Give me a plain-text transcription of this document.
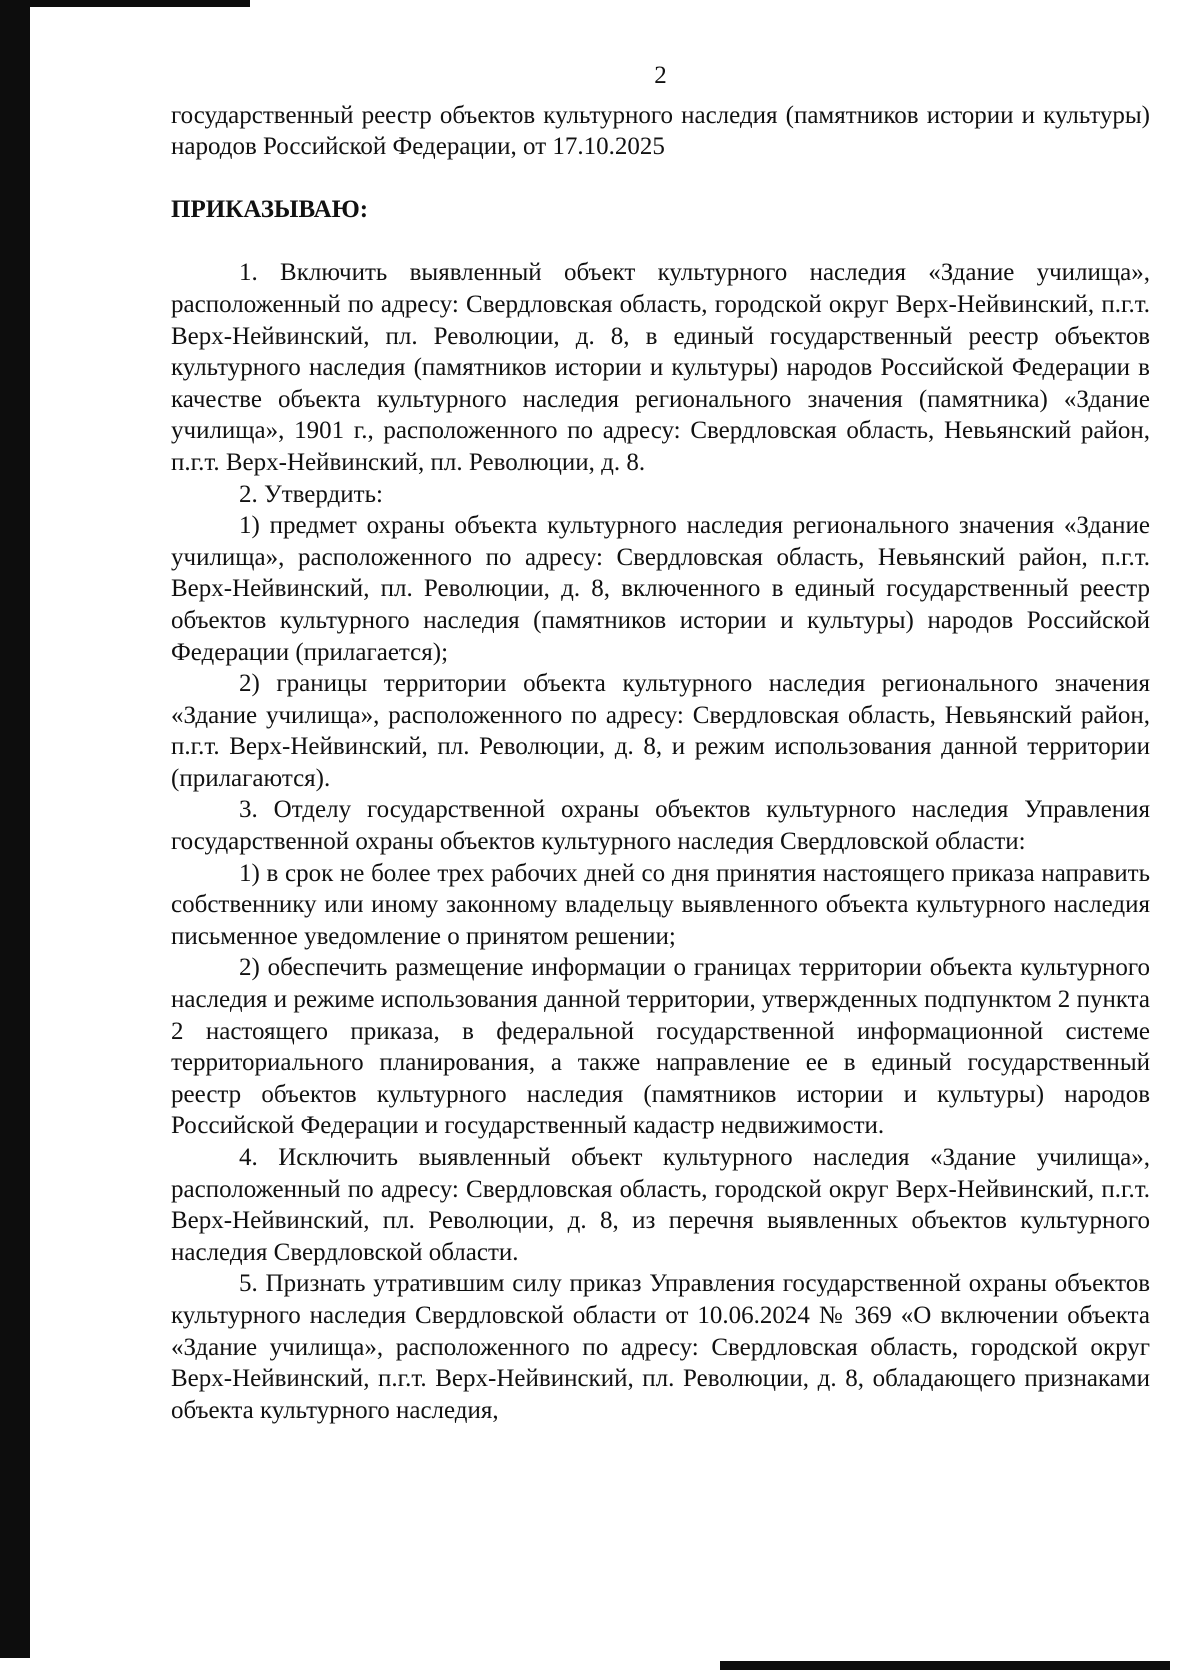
2

государственный реестр объектов культурного наследия (памятников истории и культуры) народов Российской Федерации, от 17.10.2025

ПРИКАЗЫВАЮ:

1. Включить выявленный объект культурного наследия «Здание училища», расположенный по адресу: Свердловская область, городской округ Верх-Нейвинский, п.г.т. Верх-Нейвинский, пл. Революции, д. 8, в единый государственный реестр объектов культурного наследия (памятников истории и культуры) народов Российской Федерации в качестве объекта культурного наследия регионального значения (памятника) «Здание училища», 1901 г., расположенного по адресу: Свердловская область, Невьянский район, п.г.т. Верх-Нейвинский, пл. Революции, д. 8.

2. Утвердить:

1) предмет охраны объекта культурного наследия регионального значения «Здание училища», расположенного по адресу: Свердловская область, Невьянский район, п.г.т. Верх-Нейвинский, пл. Революции, д. 8, включенного в единый государственный реестр объектов культурного наследия (памятников истории и культуры) народов Российской Федерации (прилагается);

2) границы территории объекта культурного наследия регионального значения «Здание училища», расположенного по адресу: Свердловская область, Невьянский район, п.г.т. Верх-Нейвинский, пл. Революции, д. 8, и режим использования данной территории (прилагаются).

3. Отделу государственной охраны объектов культурного наследия Управления государственной охраны объектов культурного наследия Свердловской области:

1) в срок не более трех рабочих дней со дня принятия настоящего приказа направить собственнику или иному законному владельцу выявленного объекта культурного наследия письменное уведомление о принятом решении;

2) обеспечить размещение информации о границах территории объекта культурного наследия и режиме использования данной территории, утвержденных подпунктом 2 пункта 2 настоящего приказа, в федеральной государственной информационной системе территориального планирования, а также направление ее в единый государственный реестр объектов культурного наследия (памятников истории и культуры) народов Российской Федерации и государственный кадастр недвижимости.

4. Исключить выявленный объект культурного наследия «Здание училища», расположенный по адресу: Свердловская область, городской округ Верх-Нейвинский, п.г.т. Верх-Нейвинский, пл. Революции, д. 8, из перечня выявленных объектов культурного наследия Свердловской области.

5. Признать утратившим силу приказ Управления государственной охраны объектов культурного наследия Свердловской области от 10.06.2024 № 369 «О включении объекта «Здание училища», расположенного по адресу: Свердловская область, городской округ Верх-Нейвинский, п.г.т. Верх-Нейвинский, пл. Революции, д. 8, обладающего признаками объекта культурного наследия,
